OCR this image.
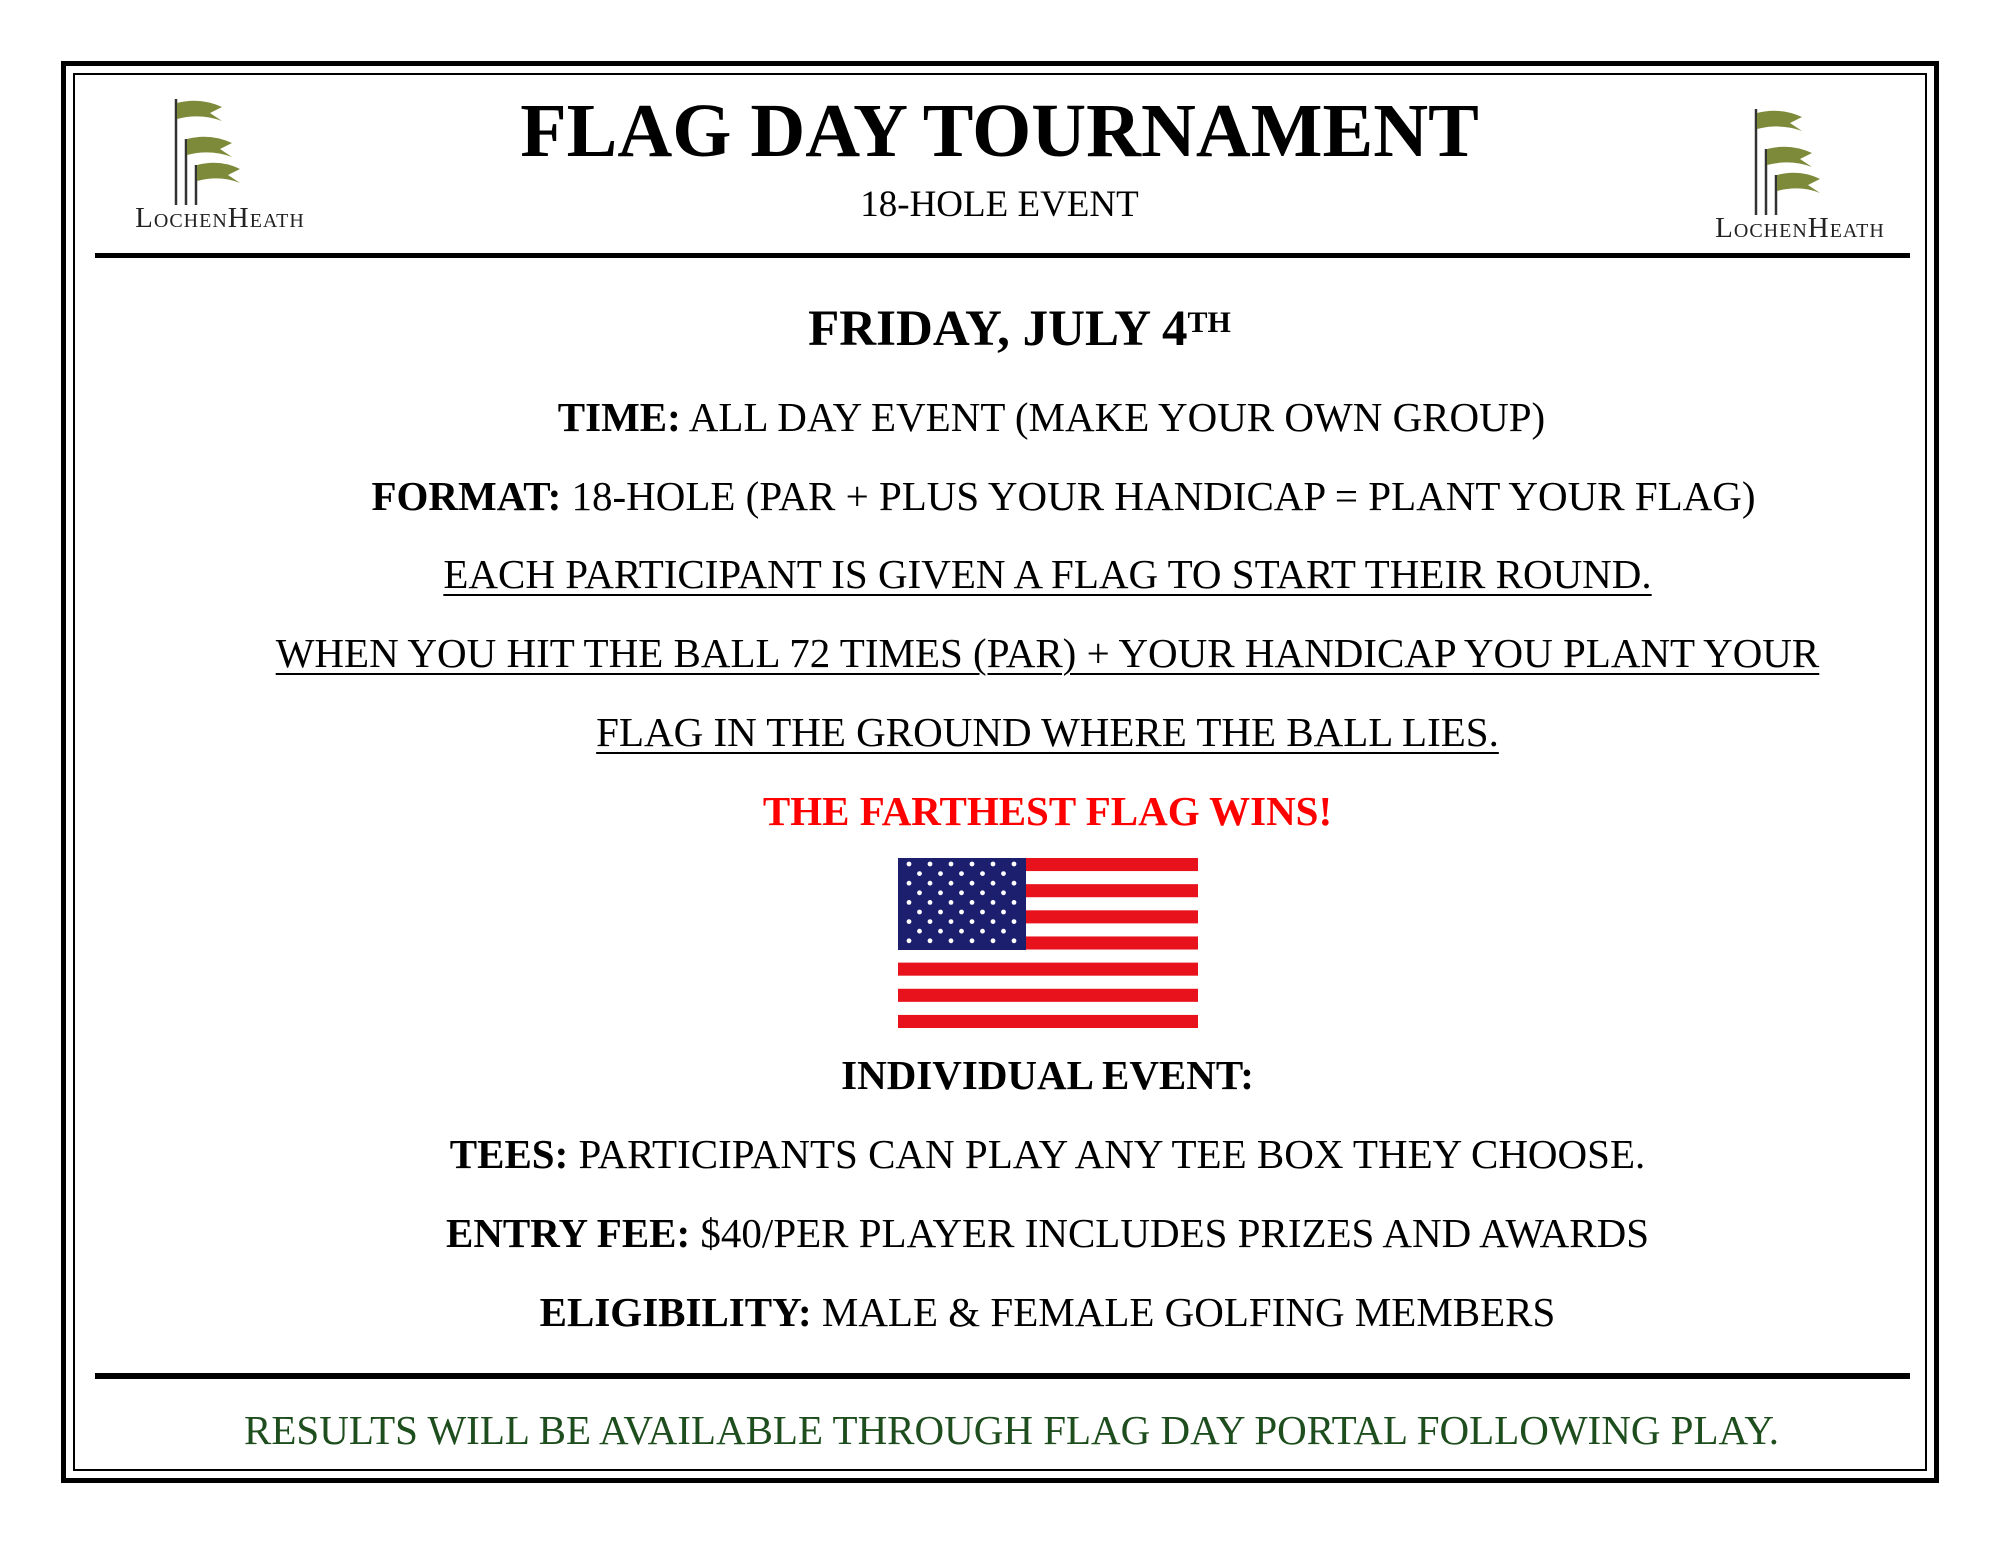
LochenHeath	LochenHeath
FLAG DAY TOURNAMENT
18-HOLE EVENT
FRIDAY, JULY 4TH
TIME: ALL DAY EVENT (MAKE YOUR OWN GROUP)
FORMAT: 18-HOLE (PAR + PLUS YOUR HANDICAP = PLANT YOUR FLAG)
EACH PARTICIPANT IS GIVEN A FLAG TO START THEIR ROUND.
WHEN YOU HIT THE BALL 72 TIMES (PAR) + YOUR HANDICAP YOU PLANT YOUR
FLAG IN THE GROUND WHERE THE BALL LIES.
THE FARTHEST FLAG WINS!
INDIVIDUAL EVENT:
TEES: PARTICIPANTS CAN PLAY ANY TEE BOX THEY CHOOSE.
ENTRY FEE: $40/PER PLAYER INCLUDES PRIZES AND AWARDS
ELIGIBILITY: MALE & FEMALE GOLFING MEMBERS
RESULTS WILL BE AVAILABLE THROUGH FLAG DAY PORTAL FOLLOWING PLAY.
